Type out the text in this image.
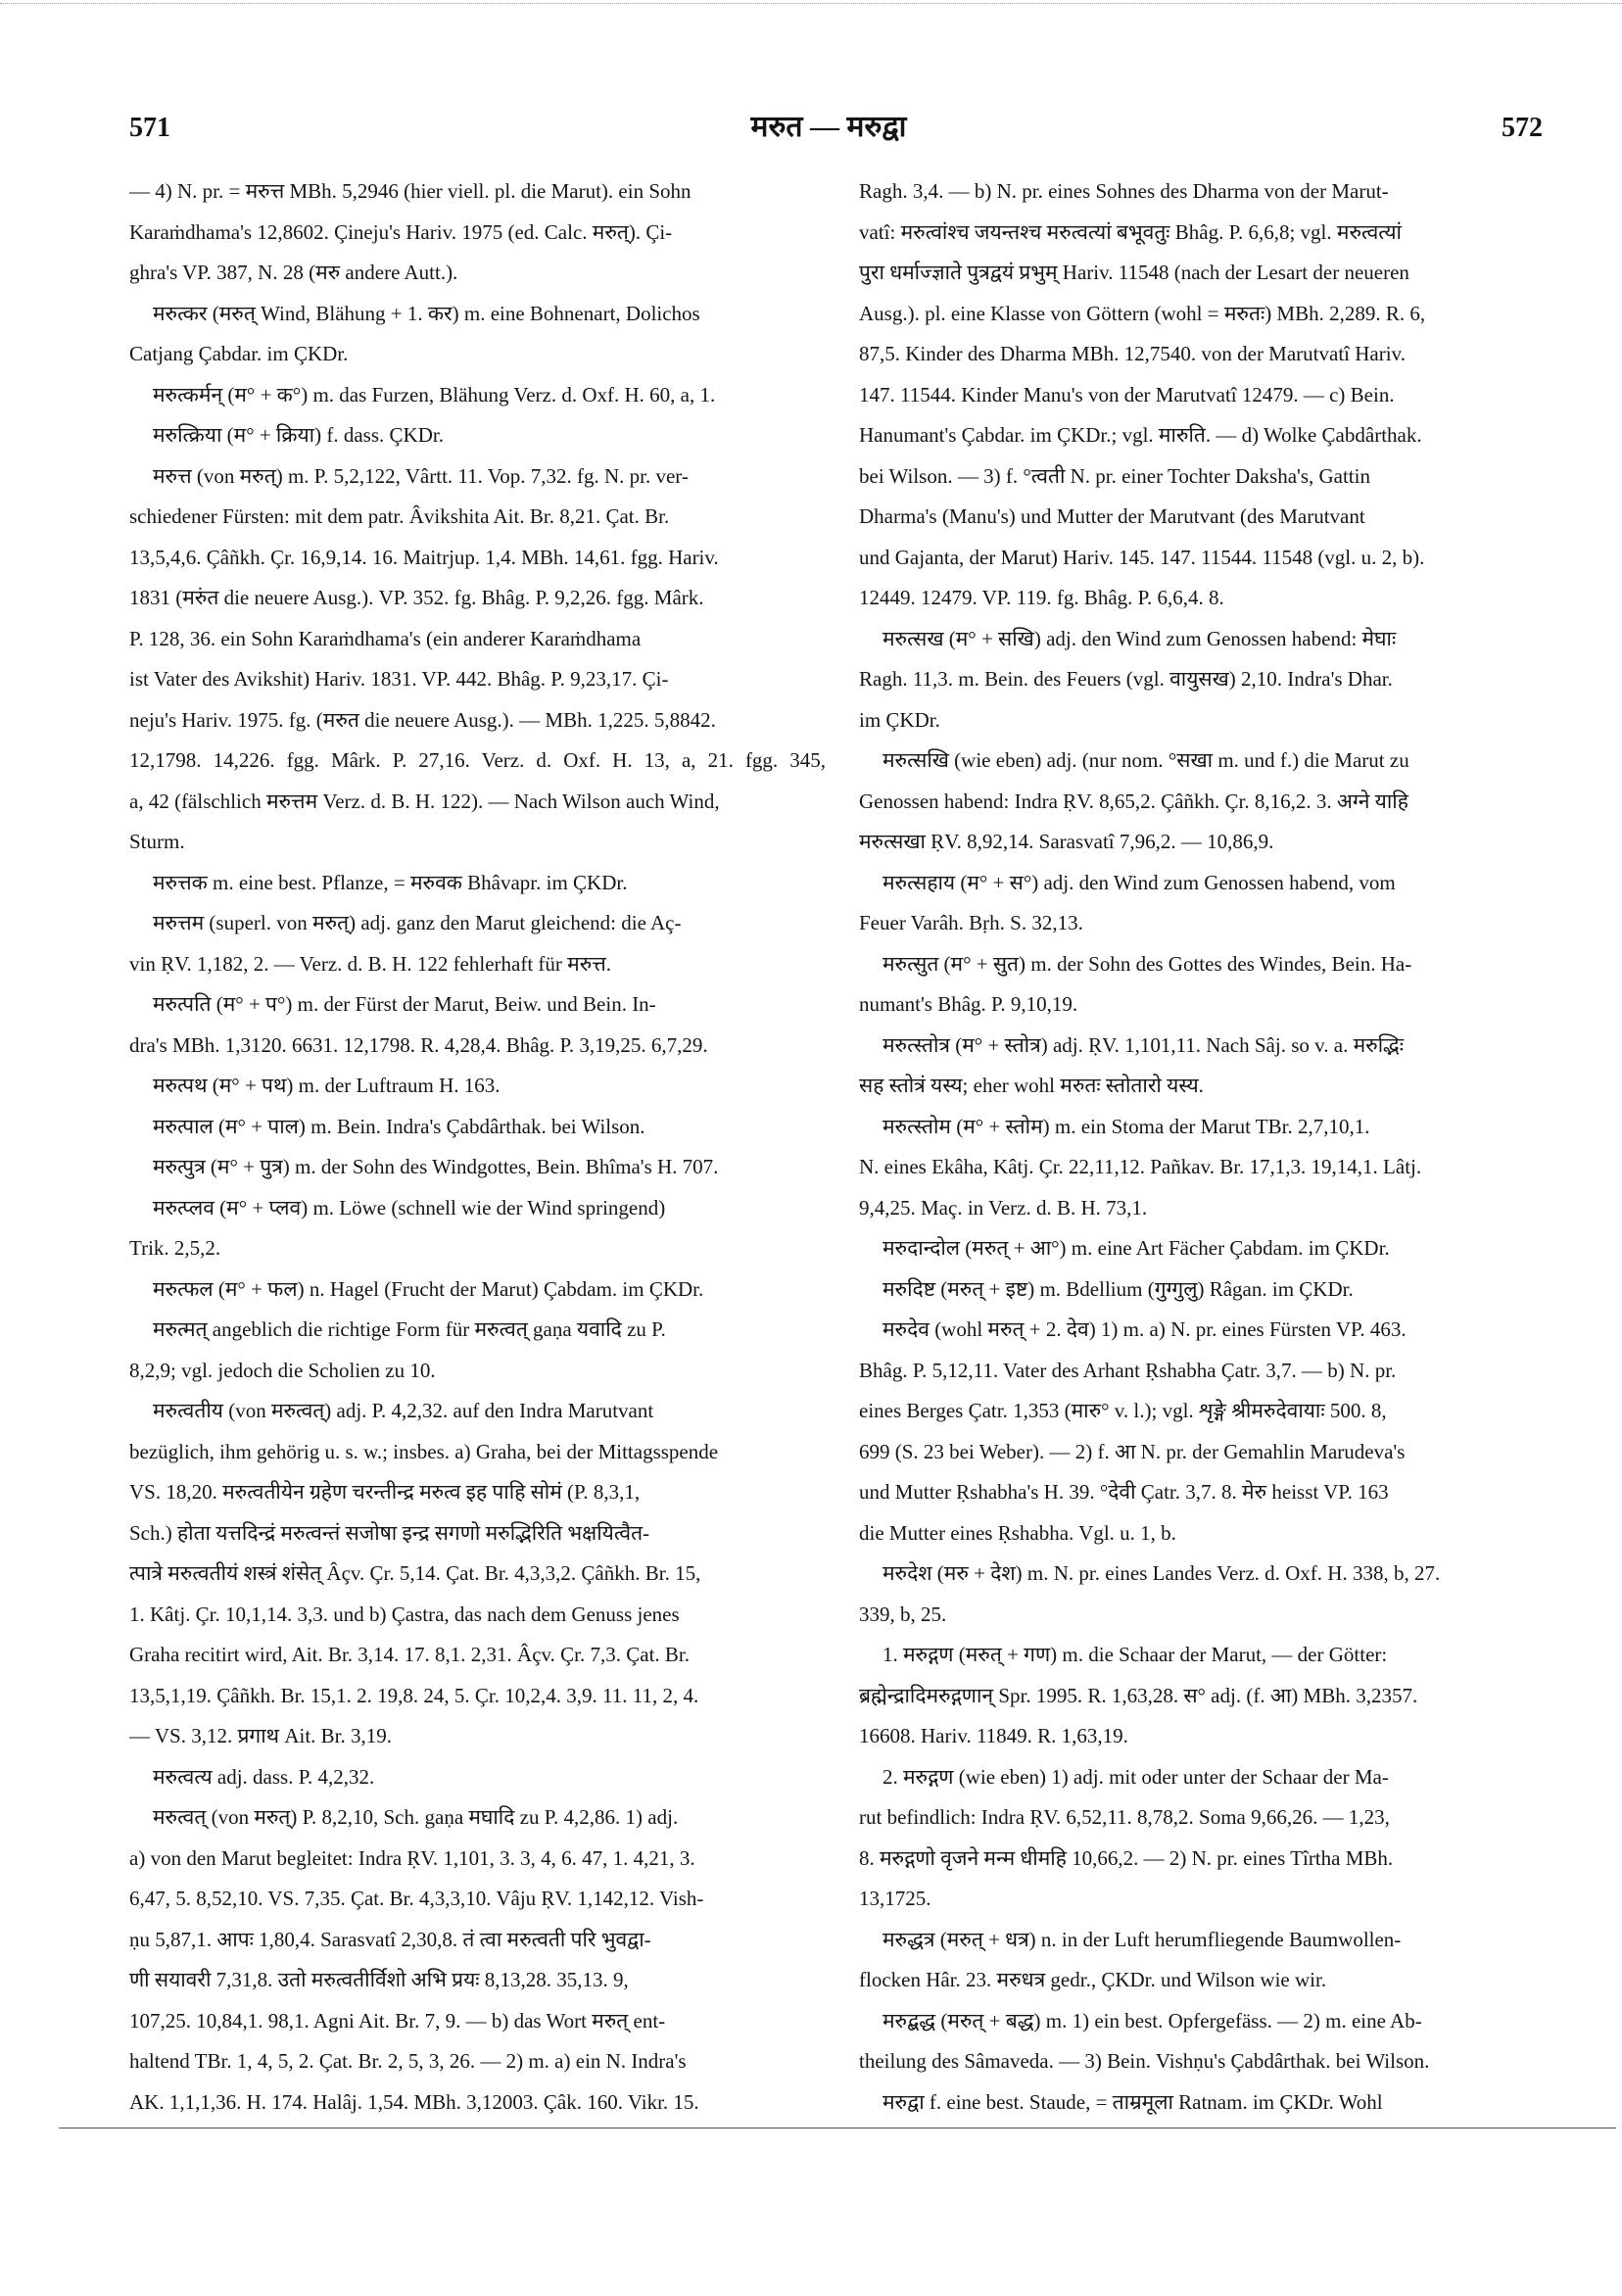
571	मरुत — मरुद्वा	572
— 4) N. pr. = मरुत्त MBh. 5,2946 (hier viell. pl. die Marut). ein Sohn
Karaṁdhama's 12,8602. Çineju's Hariv. 1975 (ed. Calc. मरुत्). Çi-
ghra's VP. 387, N. 28 (मरु andere Autt.).
मरुत्कर (मरुत् Wind, Blähung + 1. कर) m. eine Bohnenart, Dolichos
Catjang Çabdar. im ÇKDr.
मरुत्कर्मन् (म° + क°) m. das Furzen, Blähung Verz. d. Oxf. H. 60, a, 1.
मरुत्क्रिया (म° + क्रिया) f. dass. ÇKDr.
मरुत्त (von मरुत्) m. P. 5,2,122, Vârtt. 11. Vop. 7,32. fg. N. pr. ver-
schiedener Fürsten: mit dem patr. Âvikshita Ait. Br. 8,21. Çat. Br.
13,5,4,6. Çâñkh. Çr. 16,9,14. 16. Maitrjup. 1,4. MBh. 14,61. fgg. Hariv.
1831 (मरुंत die neuere Ausg.). VP. 352. fg. Bhâg. P. 9,2,26. fgg. Mârk.
P. 128, 36. ein Sohn Karaṁdhama's (ein anderer Karaṁdhama
ist Vater des Avikshit) Hariv. 1831. VP. 442. Bhâg. P. 9,23,17. Çi-
neju's Hariv. 1975. fg. (मरुत die neuere Ausg.). — MBh. 1,225. 5,8842.
12,1798. 14,226. fgg. Mârk. P. 27,16. Verz. d. Oxf. H. 13, a, 21. fgg. 345,
a, 42 (fälschlich मरुत्तम Verz. d. B. H. 122). — Nach Wilson auch Wind,
Sturm.
मरुत्तक m. eine best. Pflanze, = मरुवक Bhâvapr. im ÇKDr.
मरुत्तम (superl. von मरुत्) adj. ganz den Marut gleichend: die Aç-
vin ṚV. 1,182, 2. — Verz. d. B. H. 122 fehlerhaft für मरुत्त.
मरुत्पति (म° + प°) m. der Fürst der Marut, Beiw. und Bein. In-
dra's MBh. 1,3120. 6631. 12,1798. R. 4,28,4. Bhâg. P. 3,19,25. 6,7,29.
मरुत्पथ (म° + पथ) m. der Luftraum H. 163.
मरुत्पाल (म° + पाल) m. Bein. Indra's Çabdârthak. bei Wilson.
मरुत्पुत्र (म° + पुत्र) m. der Sohn des Windgottes, Bein. Bhîma's H. 707.
मरुत्प्लव (म° + प्लव) m. Löwe (schnell wie der Wind springend)
Trik. 2,5,2.
मरुत्फल (म° + फल) n. Hagel (Frucht der Marut) Çabdam. im ÇKDr.
मरुत्मत् angeblich die richtige Form für मरुत्वत् gaṇa यवादि zu P.
8,2,9; vgl. jedoch die Scholien zu 10.
मरुत्वतीय (von मरुत्वत्) adj. P. 4,2,32. auf den Indra Marutvant
bezüglich, ihm gehörig u. s. w.; insbes. a) Graha, bei der Mittagsspende
VS. 18,20. मरुत्वतीयेन ग्रहेण चरन्तीन्द्र मरुत्व इह पाहि सोमं (P. 8,3,1,
Sch.) होता यत्तदिन्द्रं मरुत्वन्तं सजोषा इन्द्र सगणो मरुद्भिरिति भक्षयित्वैत-
त्पात्रे मरुत्वतीयं शस्त्रं शंसेत् Âçv. Çr. 5,14. Çat. Br. 4,3,3,2. Çâñkh. Br. 15,
1. Kâtj. Çr. 10,1,14. 3,3. und b) Çastra, das nach dem Genuss jenes
Graha recitirt wird, Ait. Br. 3,14. 17. 8,1. 2,31. Âçv. Çr. 7,3. Çat. Br.
13,5,1,19. Çâñkh. Br. 15,1. 2. 19,8. 24, 5. Çr. 10,2,4. 3,9. 11. 11, 2, 4.
— VS. 3,12. प्रगाथ Ait. Br. 3,19.
मरुत्वत्य adj. dass. P. 4,2,32.
मरुत्वत् (von मरुत्) P. 8,2,10, Sch. gaṇa मघादि zu P. 4,2,86. 1) adj.
a) von den Marut begleitet: Indra ṚV. 1,101, 3. 3, 4, 6. 47, 1. 4,21, 3.
6,47, 5. 8,52,10. VS. 7,35. Çat. Br. 4,3,3,10. Vâju ṚV. 1,142,12. Vish-
ṇu 5,87,1. आपः 1,80,4. Sarasvatî 2,30,8. तं त्वा मरुत्वती परि भुवद्वा-
णी सयावरी 7,31,8. उतो मरुत्वतीर्विशो अभि प्रयः 8,13,28. 35,13. 9,
107,25. 10,84,1. 98,1. Agni Ait. Br. 7, 9. — b) das Wort मरुत् ent-
haltend TBr. 1, 4, 5, 2. Çat. Br. 2, 5, 3, 26. — 2) m. a) ein N. Indra's
AK. 1,1,1,36. H. 174. Halâj. 1,54. MBh. 3,12003. Çâk. 160. Vikr. 15.
Ragh. 3,4. — b) N. pr. eines Sohnes des Dharma von der Marut-
vatî: मरुत्वांश्च जयन्तश्च मरुत्वत्यां बभूवतुः Bhâg. P. 6,6,8; vgl. मरुत्वत्यां
पुरा धर्माज्ज्ञाते पुत्रद्वयं प्रभुम् Hariv. 11548 (nach der Lesart der neueren
Ausg.). pl. eine Klasse von Göttern (wohl = मरुतः) MBh. 2,289. R. 6,
87,5. Kinder des Dharma MBh. 12,7540. von der Marutvatî Hariv.
147. 11544. Kinder Manu's von der Marutvatî 12479. — c) Bein.
Hanumant's Çabdar. im ÇKDr.; vgl. मारुति. — d) Wolke Çabdârthak.
bei Wilson. — 3) f. °त्वती N. pr. einer Tochter Daksha's, Gattin
Dharma's (Manu's) und Mutter der Marutvant (des Marutvant
und Gajanta, der Marut) Hariv. 145. 147. 11544. 11548 (vgl. u. 2, b).
12449. 12479. VP. 119. fg. Bhâg. P. 6,6,4. 8.
मरुत्सख (म° + सखि) adj. den Wind zum Genossen habend: मेघाः
Ragh. 11,3. m. Bein. des Feuers (vgl. वायुसख) 2,10. Indra's Dhar.
im ÇKDr.
मरुत्सखि (wie eben) adj. (nur nom. °सखा m. und f.) die Marut zu
Genossen habend: Indra ṚV. 8,65,2. Çâñkh. Çr. 8,16,2. 3. अग्ने याहि
मरुत्सखा ṚV. 8,92,14. Sarasvatî 7,96,2. — 10,86,9.
मरुत्सहाय (म° + स°) adj. den Wind zum Genossen habend, vom
Feuer Varâh. Bṛh. S. 32,13.
मरुत्सुत (म° + सुत) m. der Sohn des Gottes des Windes, Bein. Ha-
numant's Bhâg. P. 9,10,19.
मरुत्स्तोत्र (म° + स्तोत्र) adj. ṚV. 1,101,11. Nach Sâj. so v. a. मरुद्भिः
सह स्तोत्रं यस्य; eher wohl मरुतः स्तोतारो यस्य.
मरुत्स्तोम (म° + स्तोम) m. ein Stoma der Marut TBr. 2,7,10,1.
N. eines Ekâha, Kâtj. Çr. 22,11,12. Pañkav. Br. 17,1,3. 19,14,1. Lâtj.
9,4,25. Maç. in Verz. d. B. H. 73,1.
मरुदान्दोल (मरुत् + आ°) m. eine Art Fächer Çabdam. im ÇKDr.
मरुदिष्ट (मरुत् + इष्ट) m. Bdellium (गुग्गुलु) Râgan. im ÇKDr.
मरुदेव (wohl मरुत् + 2. देव) 1) m. a) N. pr. eines Fürsten VP. 463.
Bhâg. P. 5,12,11. Vater des Arhant Ṛshabha Çatr. 3,7. — b) N. pr.
eines Berges Çatr. 1,353 (मारु° v. l.); vgl. शृङ्गे श्रीमरुदेवायाः 500. 8,
699 (S. 23 bei Weber). — 2) f. आ N. pr. der Gemahlin Marudeva's
und Mutter Ṛshabha's H. 39. °देवी Çatr. 3,7. 8. मेरु heisst VP. 163
die Mutter eines Ṛshabha. Vgl. u. 1, b.
मरुदेश (मरु + देश) m. N. pr. eines Landes Verz. d. Oxf. H. 338, b, 27.
339, b, 25.
1. मरुद्गण (मरुत् + गण) m. die Schaar der Marut, — der Götter:
ब्रह्मेन्द्रादिमरुद्गणान् Spr. 1995. R. 1,63,28. स° adj. (f. आ) MBh. 3,2357.
16608. Hariv. 11849. R. 1,63,19.
2. मरुद्गण (wie eben) 1) adj. mit oder unter der Schaar der Ma-
rut befindlich: Indra ṚV. 6,52,11. 8,78,2. Soma 9,66,26. — 1,23,
8. मरुद्गणो वृजने मन्म धीमहि 10,66,2. — 2) N. pr. eines Tîrtha MBh.
13,1725.
मरुद्धत्र (मरुत् + धत्र) n. in der Luft herumfliegende Baumwollen-
flocken Hâr. 23. मरुधत्र gedr., ÇKDr. und Wilson wie wir.
मरुद्बद्ध (मरुत् + बद्ध) m. 1) ein best. Opfergefäss. — 2) m. eine Ab-
theilung des Sâmaveda. — 3) Bein. Vishṇu's Çabdârthak. bei Wilson.
मरुद्वा f. eine best. Staude, = ताम्रमूला Ratnam. im ÇKDr. Wohl
